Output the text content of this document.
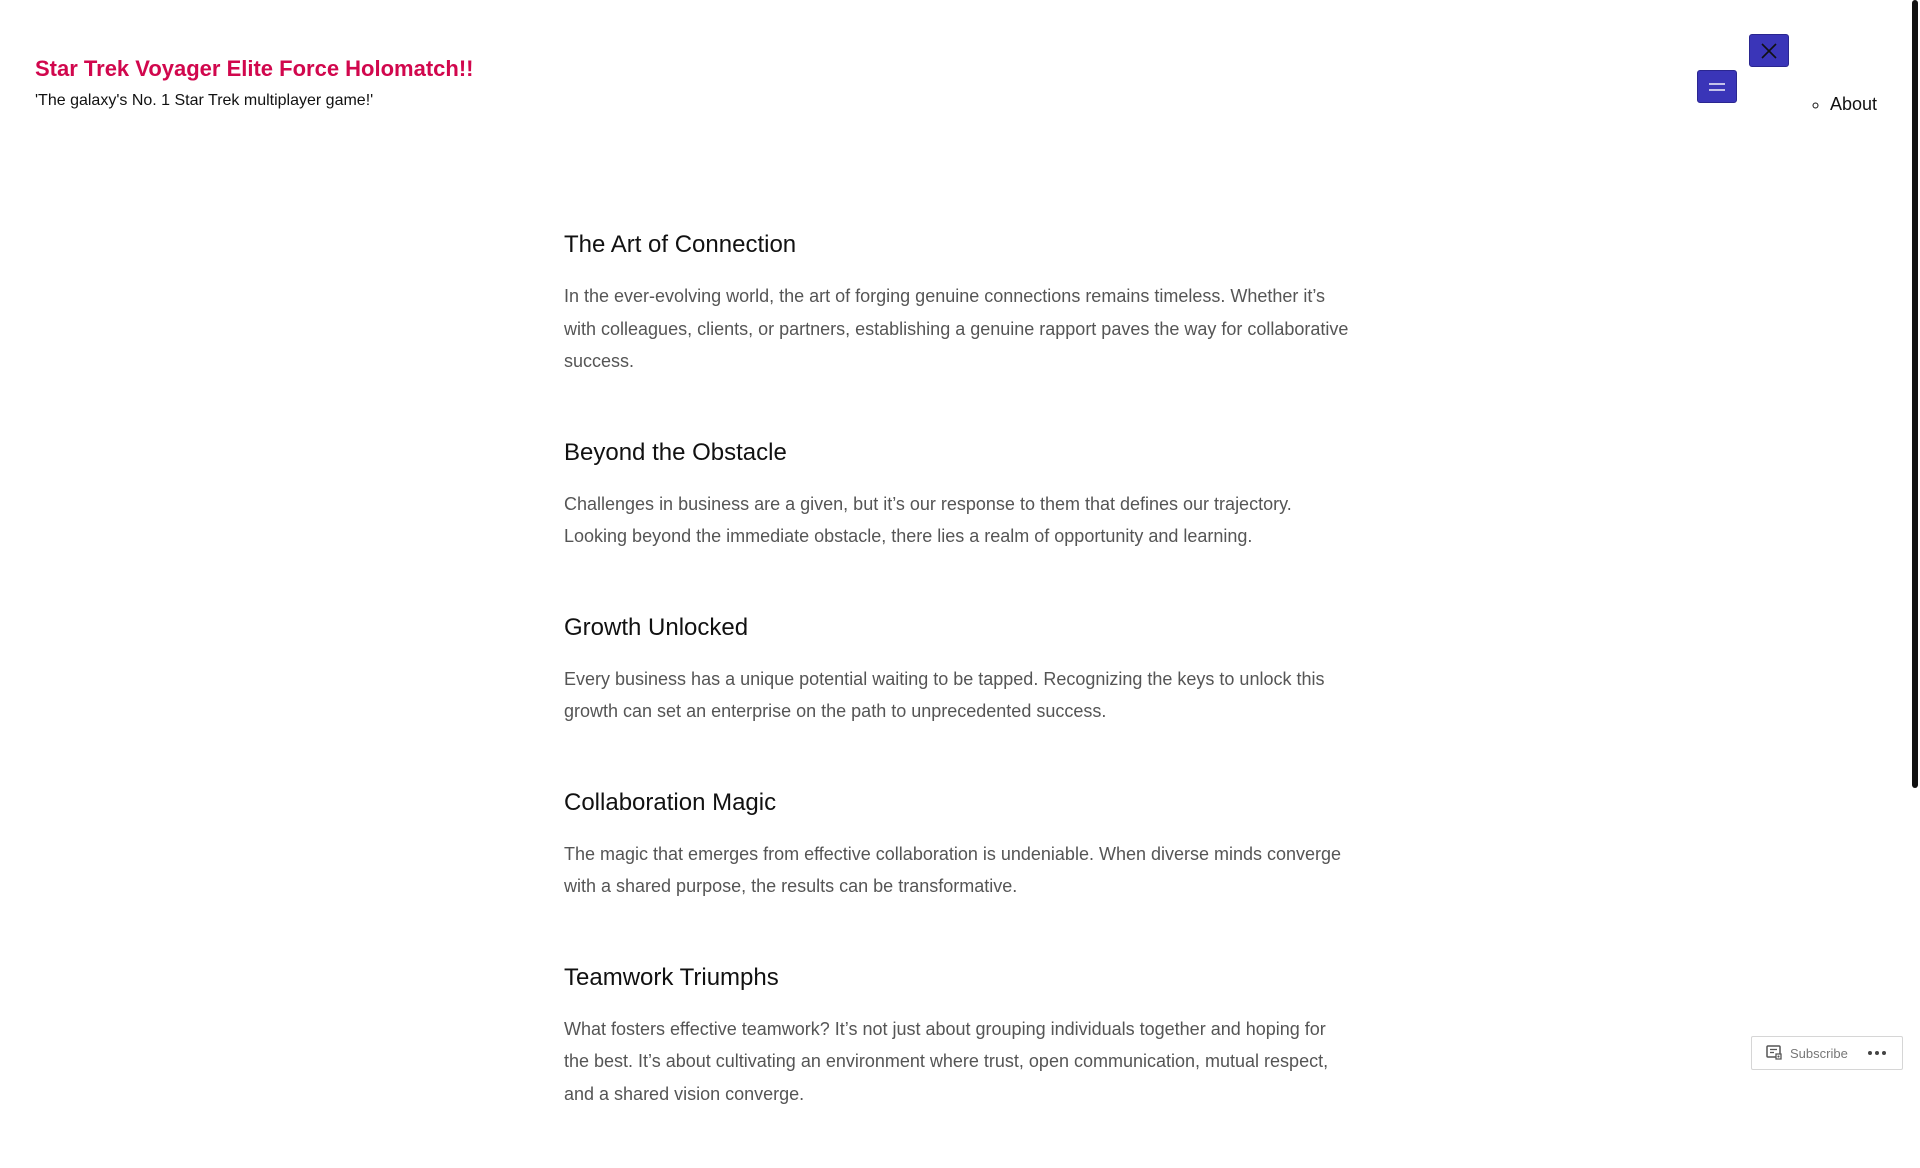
Star Trek Voyager Elite Force Holomatch!!
'The galaxy's No. 1 Star Trek multiplayer game!'
◦	About
The Art of Connection

In the ever-evolving world, the art of forging genuine connections remains timeless. Whether it’s with colleagues, clients, or partners, establishing a genuine rapport paves the way for collaborative success.

Beyond the Obstacle

Challenges in business are a given, but it’s our response to them that defines our trajectory. Looking beyond the immediate obstacle, there lies a realm of opportunity and learning.

Growth Unlocked

Every business has a unique potential waiting to be tapped. Recognizing the keys to unlock this growth can set an enterprise on the path to unprecedented success.

Collaboration Magic

The magic that emerges from effective collaboration is undeniable. When diverse minds converge with a shared purpose, the results can be transformative.

Teamwork Triumphs

What fosters effective teamwork? It’s not just about grouping individuals together and hoping for the best. It’s about cultivating an environment where trust, open communication, mutual respect, and a shared vision converge.

Subscribe
